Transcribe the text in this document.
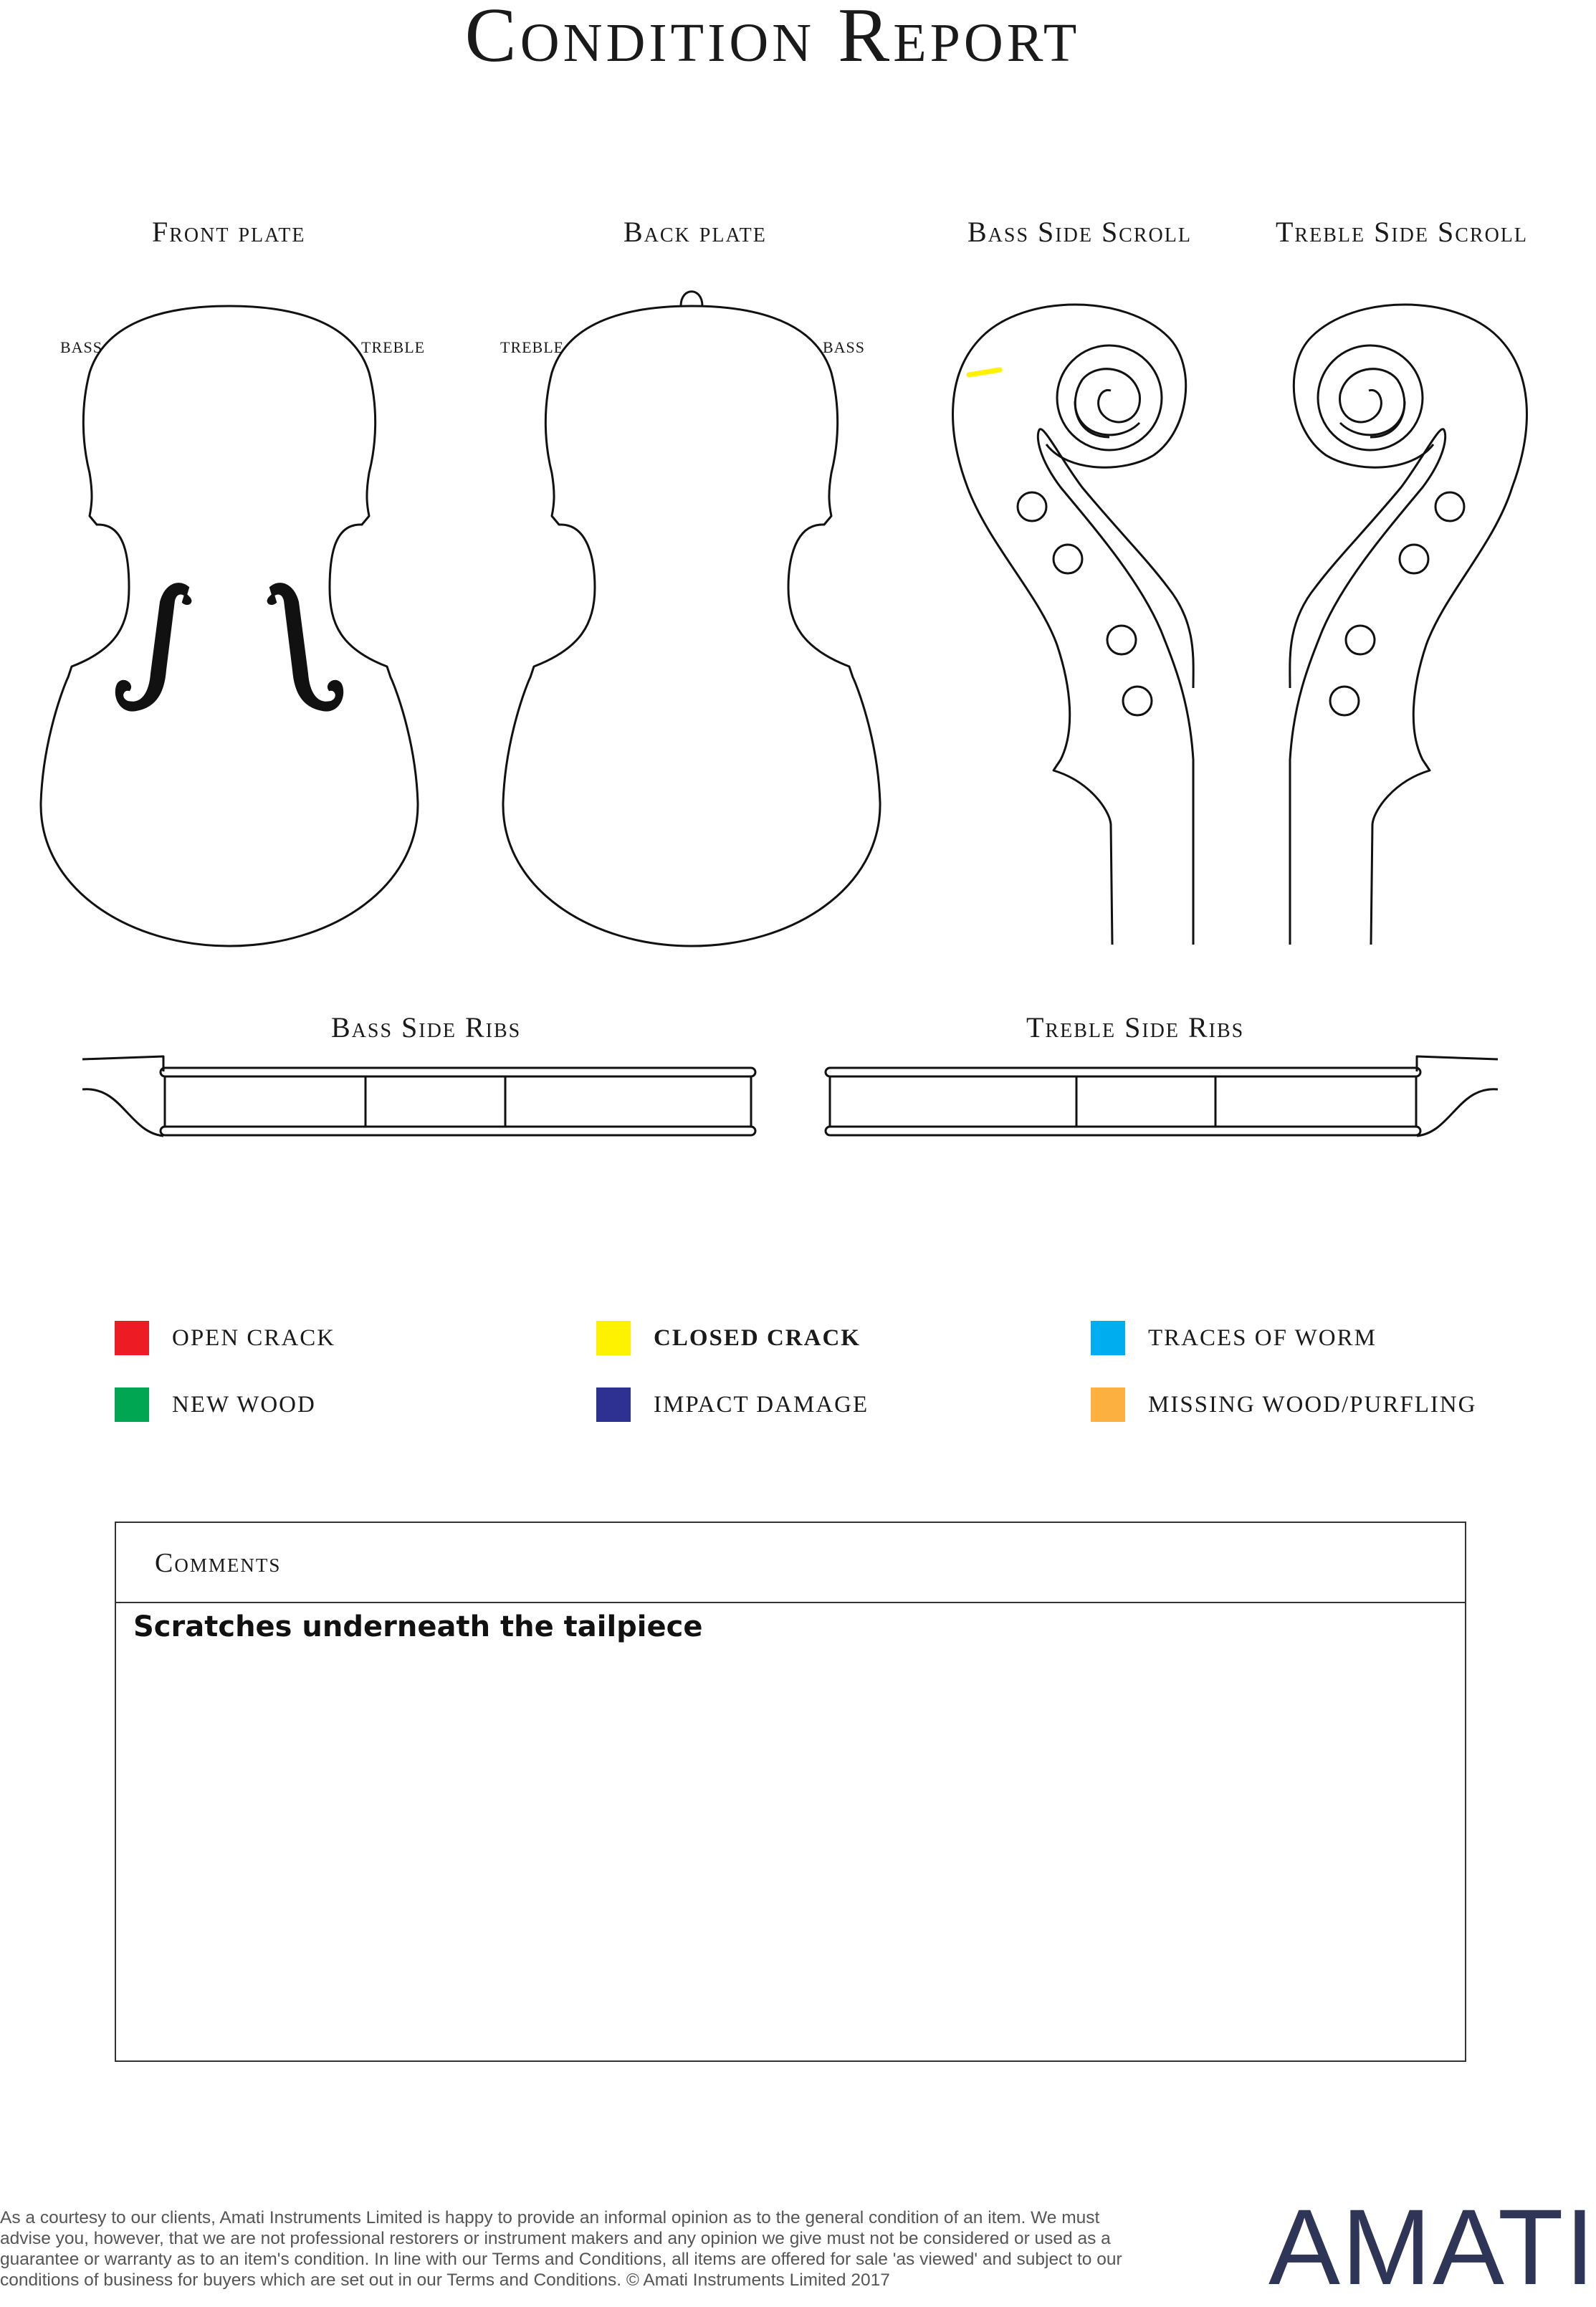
Condition Report
Front plate	Back plate	Bass Side Scroll	Treble Side Scroll
BASS	TREBLE	TREBLE	BASS
Bass Side Ribs	Treble Side Ribs
OPEN CRACK	CLOSED CRACK	TRACES OF WORM
NEW WOOD	IMPACT DAMAGE	MISSING WOOD/PURFLING
Comments
Scratches underneath the tailpiece
As a courtesy to our clients, Amati Instruments Limited is happy to provide an informal opinion as to the general condition of an item. We must advise you, however, that we are not professional restorers or instrument makers and any opinion we give must not be considered or used as a guarantee or warranty as to an item's condition. In line with our Terms and Conditions, all items are offered for sale 'as viewed' and subject to our conditions of business for buyers which are set out in our Terms and Conditions. © Amati Instruments Limited 2017	AMATI
